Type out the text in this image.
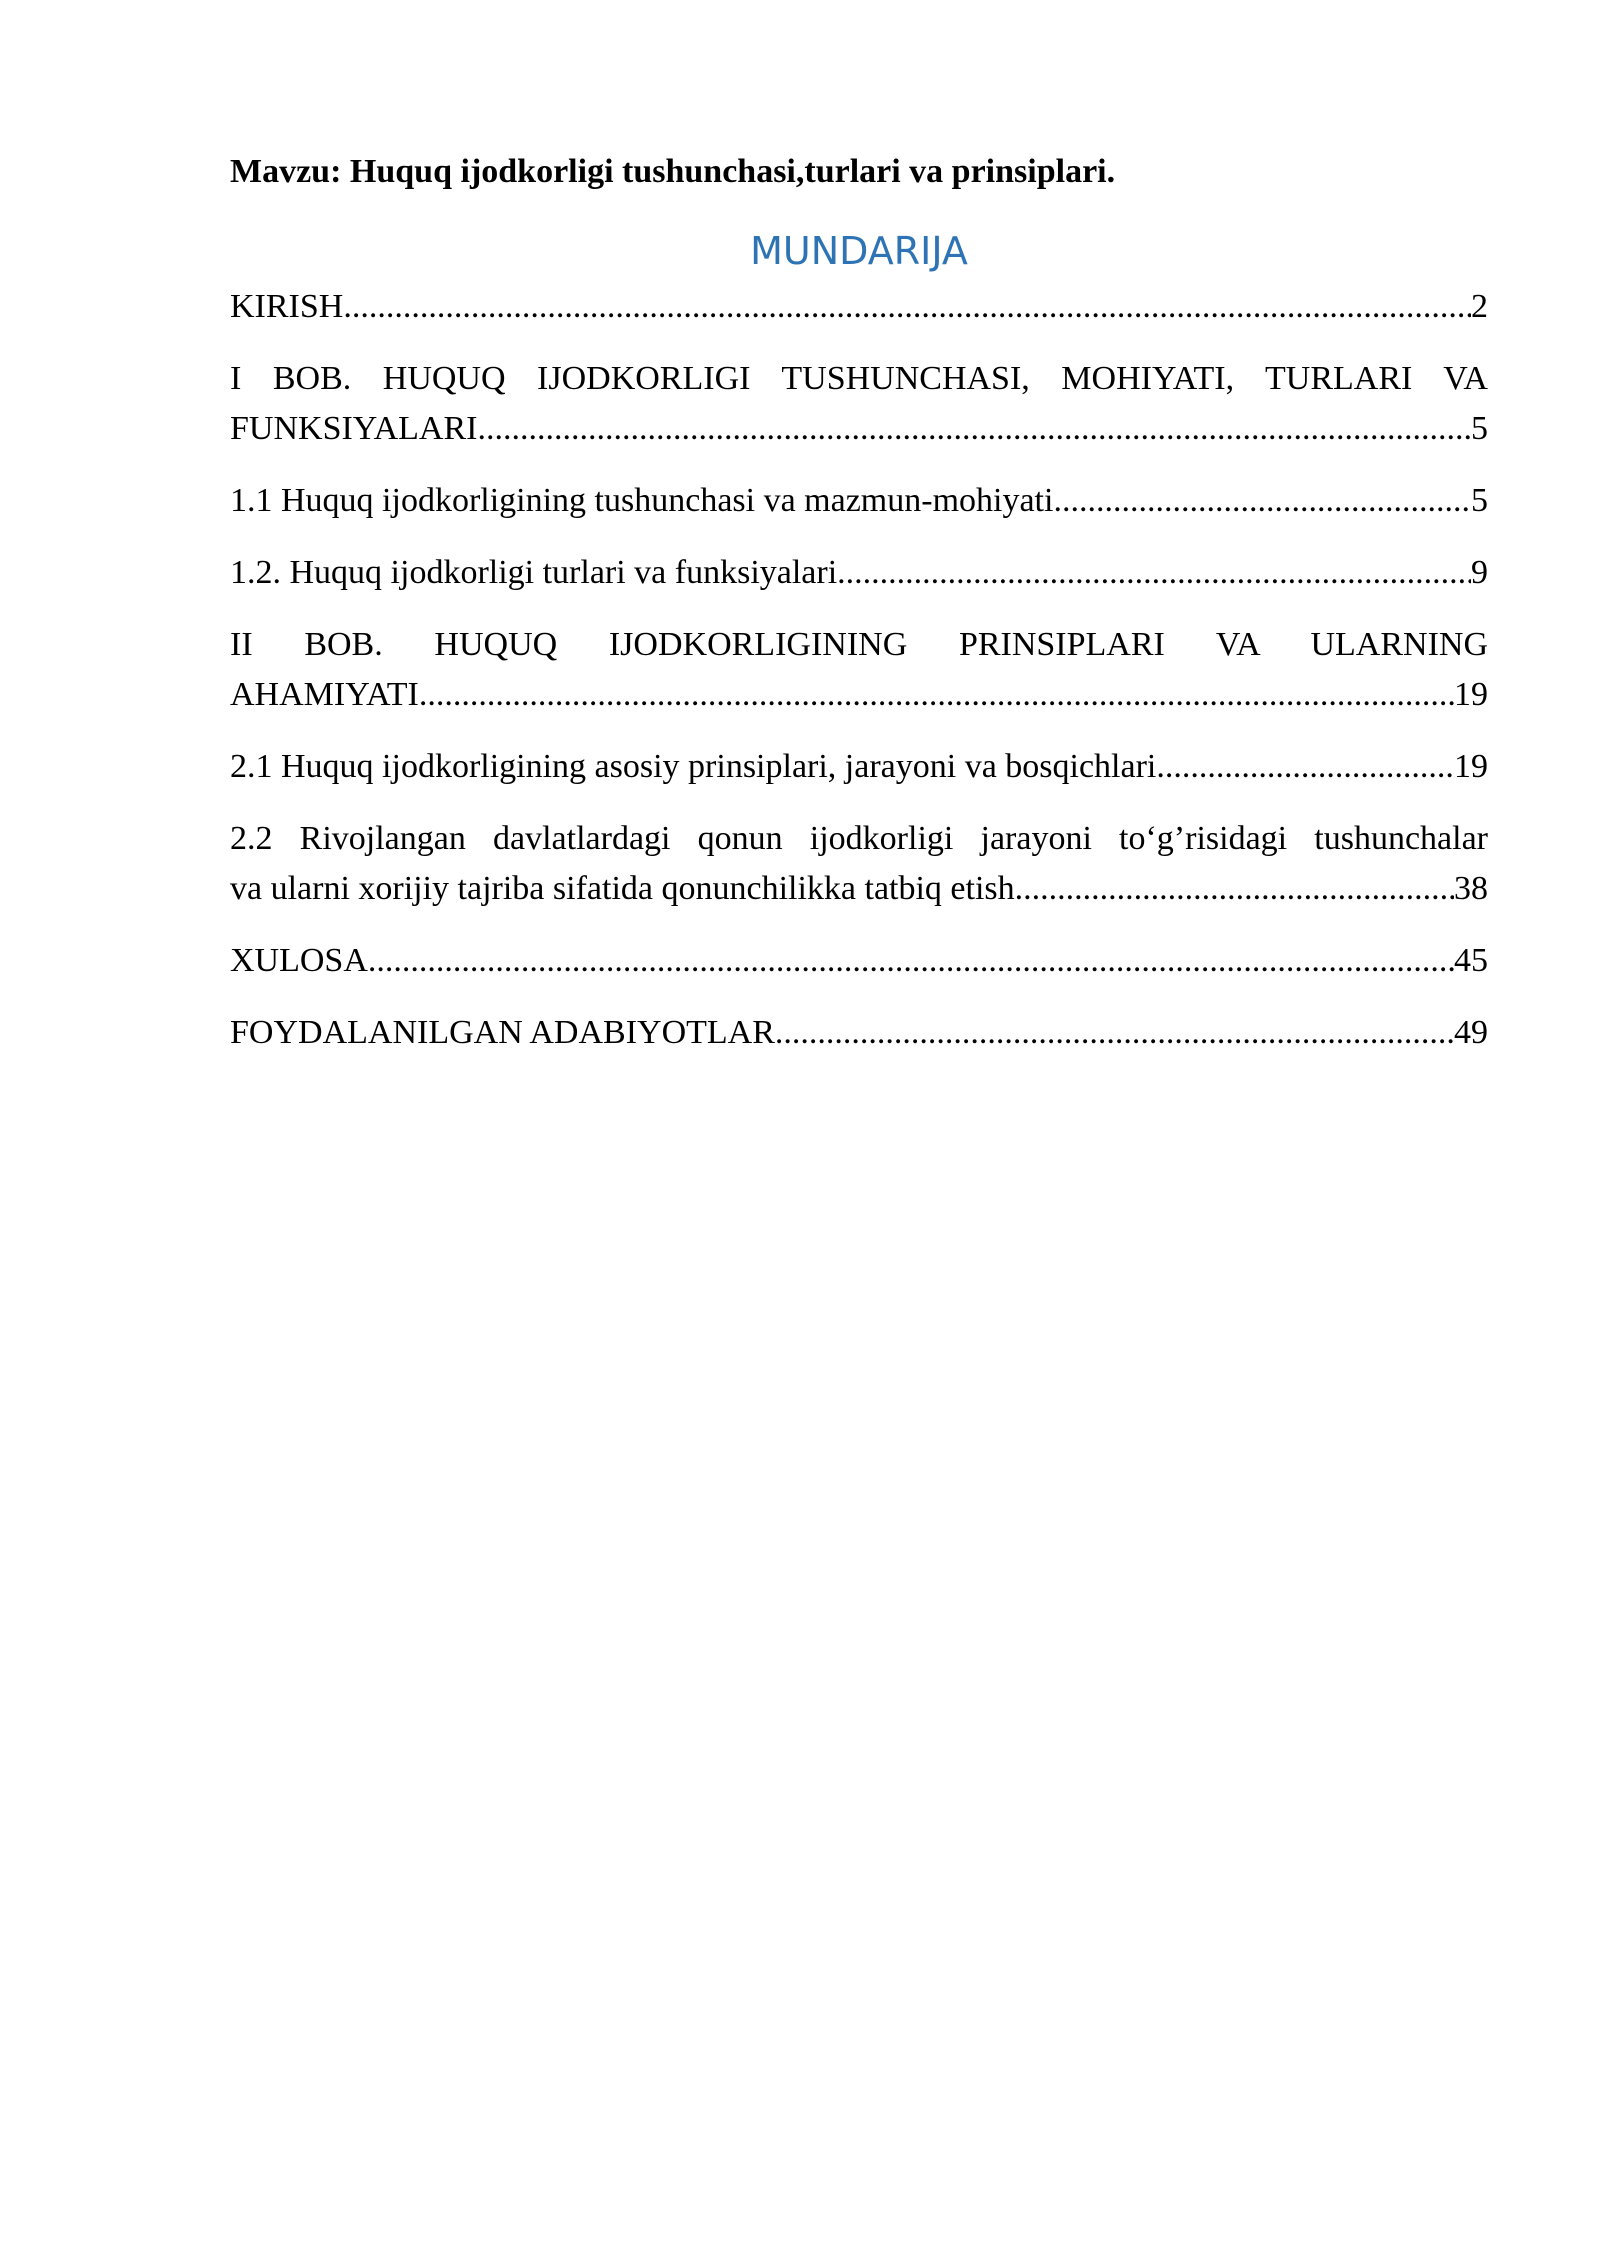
Mavzu: Huquq ijodkorligi tushunchasi,turlari va prinsiplari.

MUNDARIJA
KIRISH .....	2
I BOB. HUQUQ IJODKORLIGI TUSHUNCHASI, MOHIYATI, TURLARI VA
FUNKSIYALARI .....	5
1.1 Huquq ijodkorligining tushunchasi va mazmun-mohiyati .....	5
1.2. Huquq ijodkorligi turlari va funksiyalari .....	9
II BOB. HUQUQ IJODKORLIGINING PRINSIPLARI VA ULARNING
AHAMIYATI .....	19
2.1 Huquq ijodkorligining asosiy prinsiplari, jarayoni va bosqichlari .....	19
2.2 Rivojlangan davlatlardagi qonun ijodkorligi jarayoni to‘g’risidagi tushunchalar
va ularni xorijiy tajriba sifatida qonunchilikka tatbiq etish .....	38
XULOSA .....	45
FOYDALANILGAN ADABIYOTLAR .....	49
